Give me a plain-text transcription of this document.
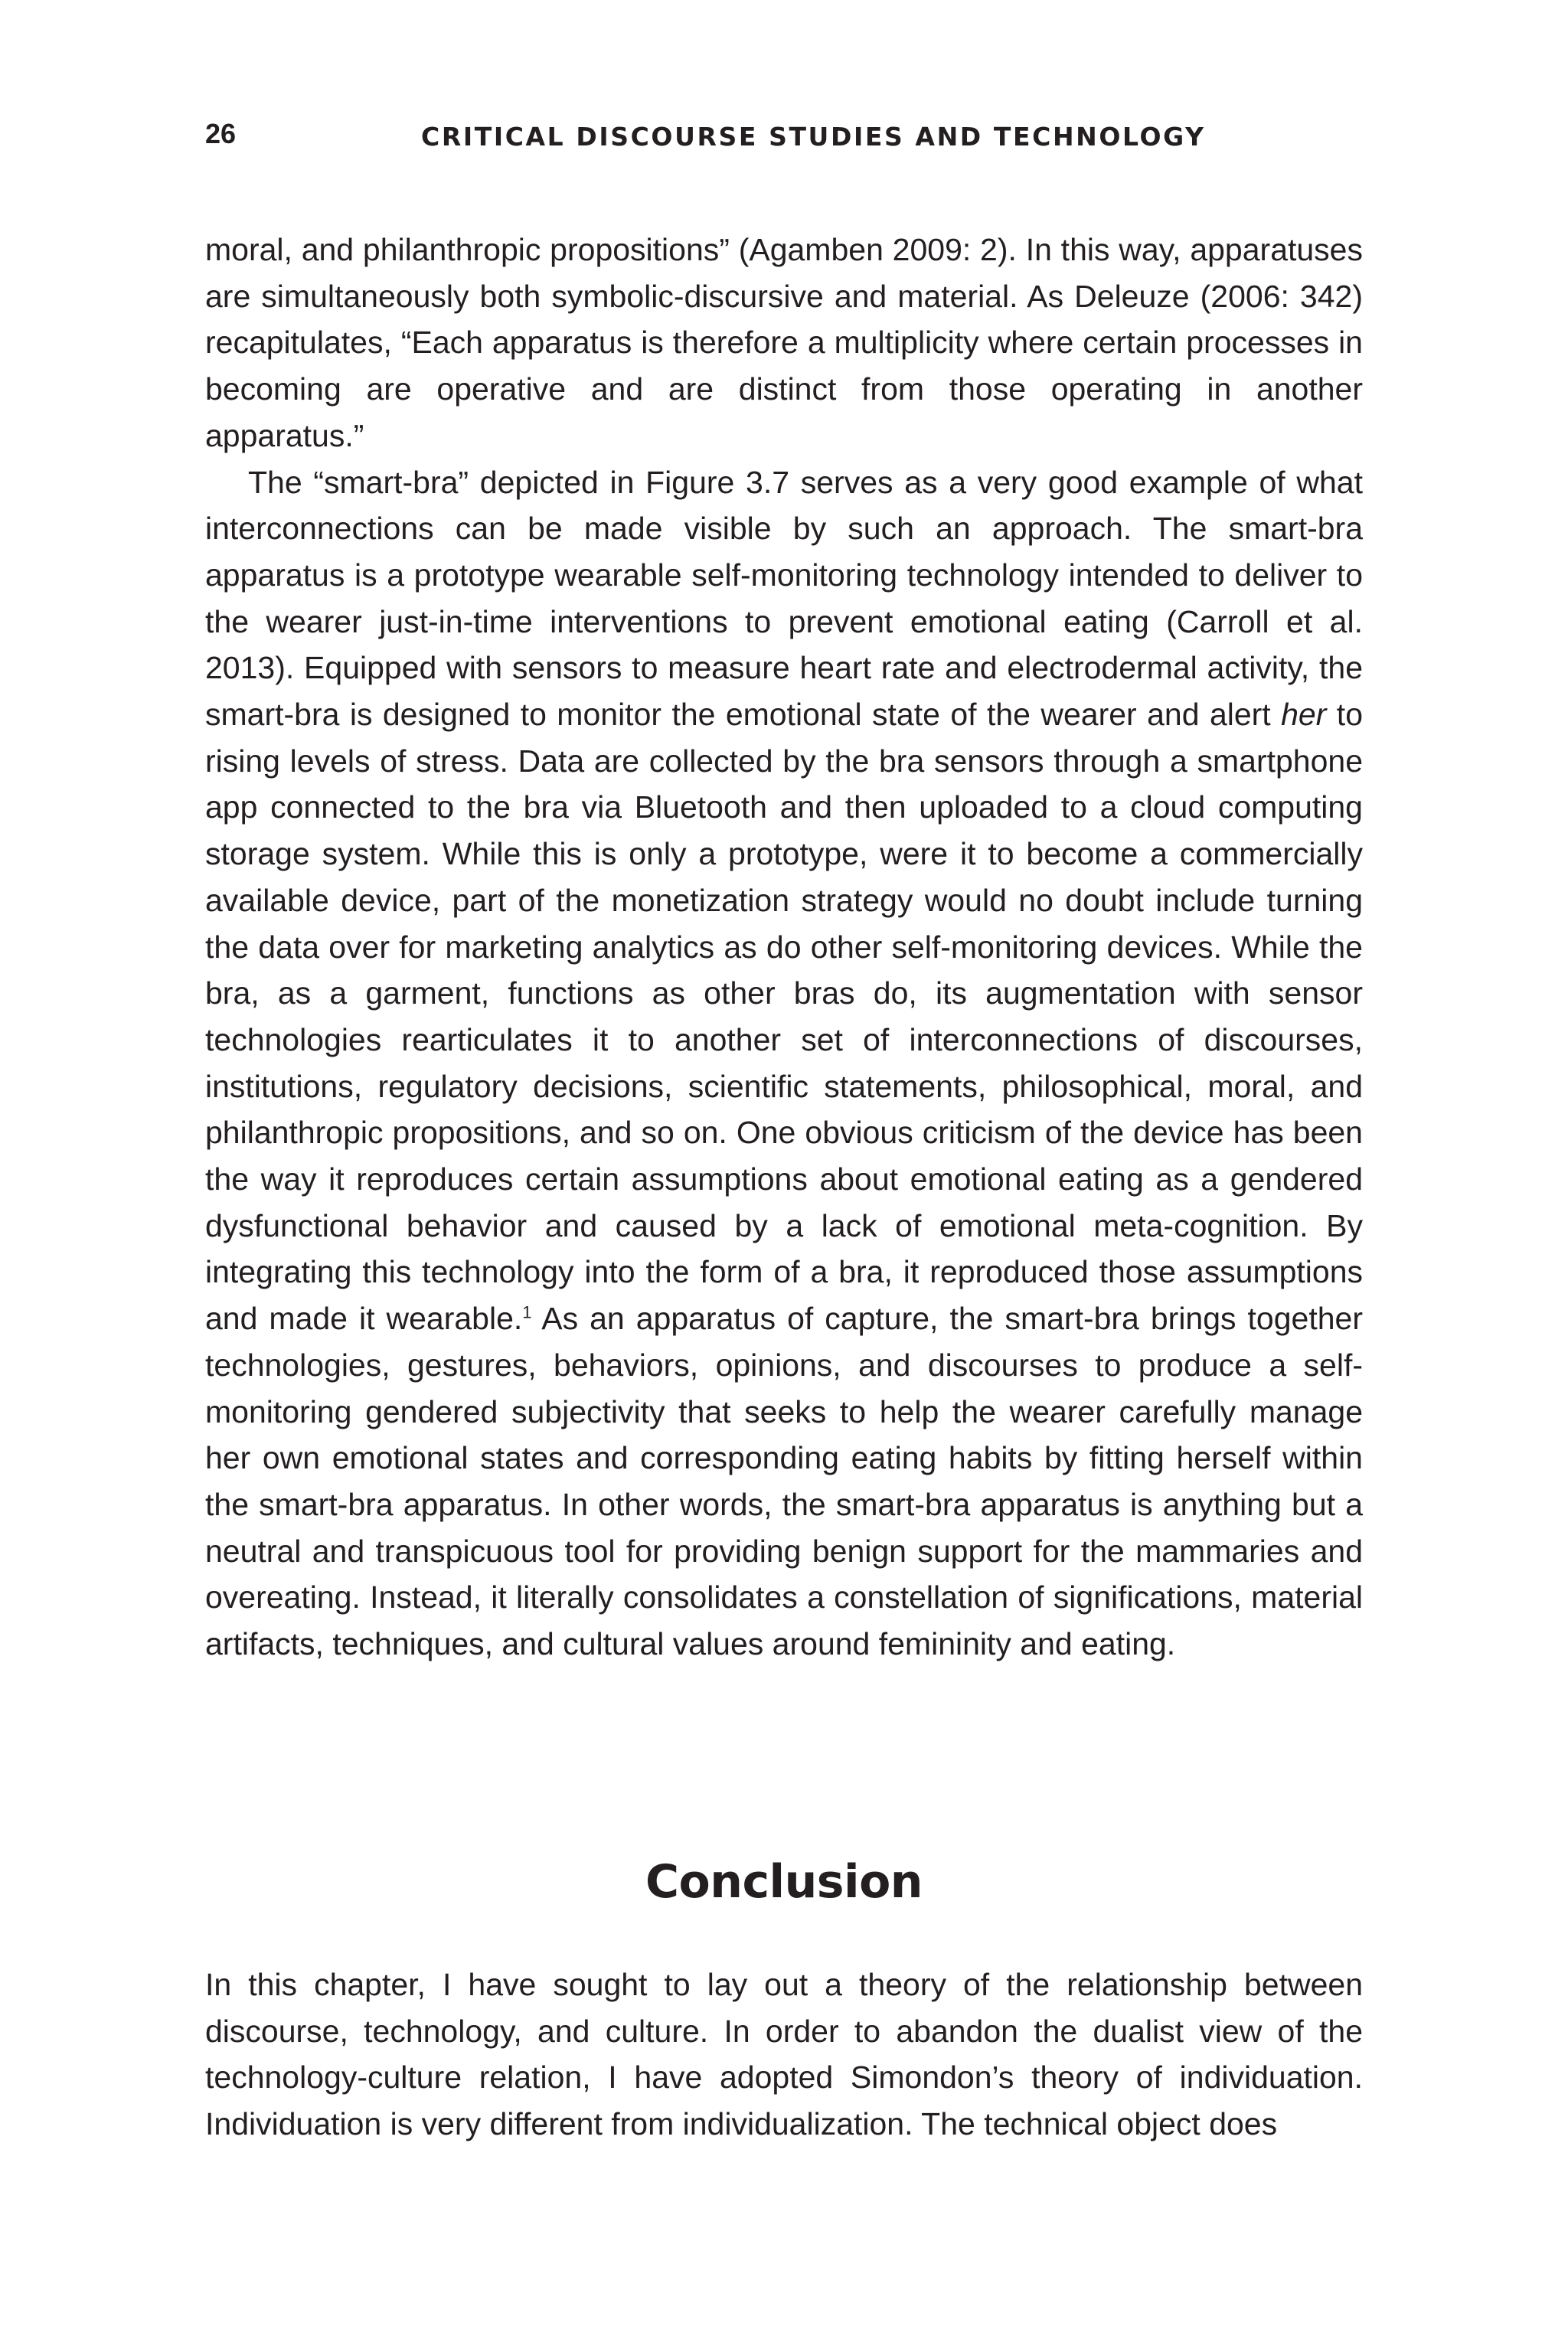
26	CRITICAL DISCOURSE STUDIES AND TECHNOLOGY

moral, and philanthropic propositions” (Agamben 2009: 2). In this way, apparatuses are simultaneously both symbolic-discursive and material. As Deleuze (2006: 342) recapitulates, “Each apparatus is therefore a multiplicity where certain processes in becoming are operative and are distinct from those operating in another apparatus.”

The “smart-bra” depicted in Figure 3.7 serves as a very good example of what interconnections can be made visible by such an approach. The smart-bra apparatus is a prototype wearable self-monitoring technology intended to deliver to the wearer just-in-time interventions to prevent emotional eating (Carroll et al. 2013). Equipped with sensors to measure heart rate and electrodermal activity, the smart-bra is designed to monitor the emotional state of the wearer and alert her to rising levels of stress. Data are collected by the bra sensors through a smartphone app connected to the bra via Bluetooth and then uploaded to a cloud computing storage system. While this is only a prototype, were it to become a commercially available device, part of the monetization strategy would no doubt include turning the data over for marketing analytics as do other self-monitoring devices. While the bra, as a garment, functions as other bras do, its augmentation with sensor technologies rearticulates it to another set of interconnections of discourses, institutions, regulatory decisions, scientific statements, philosophical, moral, and philanthropic propositions, and so on. One obvious criticism of the device has been the way it reproduces certain assumptions about emotional eating as a gendered dysfunctional behavior and caused by a lack of emotional meta-cognition. By integrating this technology into the form of a bra, it reproduced those assumptions and made it wearable.$^1$ As an apparatus of capture, the smart-bra brings together technologies, gestures, behaviors, opinions, and discourses to produce a self-monitoring gendered subjectivity that seeks to help the wearer carefully manage her own emotional states and corresponding eating habits by fitting herself within the smart-bra apparatus. In other words, the smart-bra apparatus is anything but a neutral and transpicuous tool for providing benign support for the mammaries and overeating. Instead, it literally consolidates a constellation of significations, material artifacts, techniques, and cultural values around femininity and eating.

Conclusion

In this chapter, I have sought to lay out a theory of the relationship between discourse, technology, and culture. In order to abandon the dualist view of the technology-culture relation, I have adopted Simondon’s theory of individuation. Individuation is very different from individualization. The technical object does
